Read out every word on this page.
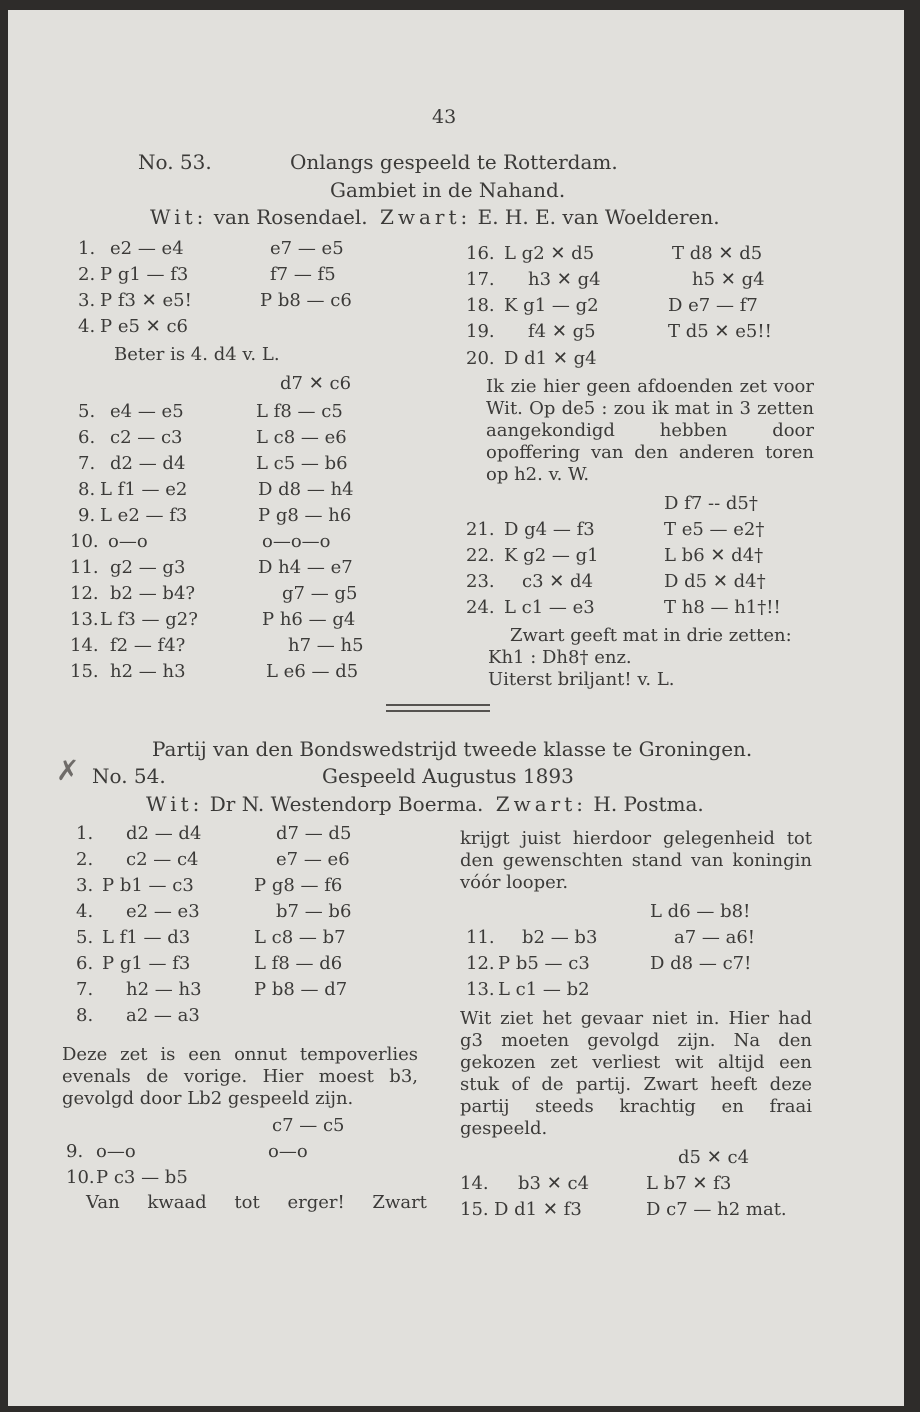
43
No. 53.	Onlangs gespeeld te Rotterdam.
Gambiet in de Nahand.
Wit: van Rosendael. Zwart: E. H. E. van Woelderen.
1. e2 — e4	e7 — e5
2. P g1 — f3	f7 — f5
3. P f3 ✕ e5!	P b8 — c6
4. P e5 ✕ c6
Beter is 4. d4 v. L.
d7 ✕ c6
5. e4 — e5	L f8 — c5
6. c2 — c3	L c8 — e6
7. d2 — d4	L c5 — b6
8. L f1 — e2	D d8 — h4
9. L e2 — f3	P g8 — h6
10. o—o	o—o—o
11. g2 — g3	D h4 — e7
12. b2 — b4?	g7 — g5
13. L f3 — g2?	P h6 — g4
14. f2 — f4?	h7 — h5
15. h2 — h3	L e6 — d5
16. L g2 ✕ d5	T d8 ✕ d5
17. h3 ✕ g4	h5 ✕ g4
18. K g1 — g2	D e7 — f7
19. f4 ✕ g5	T d5 ✕ e5!!
20. D d1 ✕ g4
Ik zie hier geen afdoenden zet voor Wit. Op de5 : zou ik mat in 3 zetten aangekondigd hebben door opoffering van den anderen toren op h2. v. W.
D f7 -- d5†
21. D g4 — f3	T e5 — e2†
22. K g2 — g1	L b6 ✕ d4†
23. c3 ✕ d4	D d5 ✕ d4†
24. L c1 — e3	T h8 — h1†!!
Zwart geeft mat in drie zetten:
Kh1 : Dh8† enz.
Uiterst briljant! v. L.
Partij van den Bondswedstrijd tweede klasse te Groningen.
✗ No. 54.	Gespeeld Augustus 1893
Wit: Dr N. Westendorp Boerma. Zwart: H. Postma.
1. d2 — d4	d7 — d5
2. c2 — c4	e7 — e6
3. P b1 — c3	P g8 — f6
4. e2 — e3	b7 — b6
5. L f1 — d3	L c8 — b7
6. P g1 — f3	L f8 — d6
7. h2 — h3	P b8 — d7
8. a2 — a3
Deze zet is een onnut tempoverlies evenals de vorige. Hier moest b3, gevolgd door Lb2 gespeeld zijn.
c7 — c5
9. o—o	o—o
10. P c3 — b5
Van kwaad tot erger! Zwart
krijgt juist hierdoor gelegenheid tot den gewenschten stand van koningin vóór looper.
L d6 — b8!
11. b2 — b3	a7 — a6!
12. P b5 — c3	D d8 — c7!
13. L c1 — b2
Wit ziet het gevaar niet in. Hier had g3 moeten gevolgd zijn. Na den gekozen zet verliest wit altijd een stuk of de partij. Zwart heeft deze partij steeds krachtig en fraai gespeeld.
d5 ✕ c4
14. b3 ✕ c4	L b7 ✕ f3
15. D d1 ✕ f3	D c7 — h2 mat.
